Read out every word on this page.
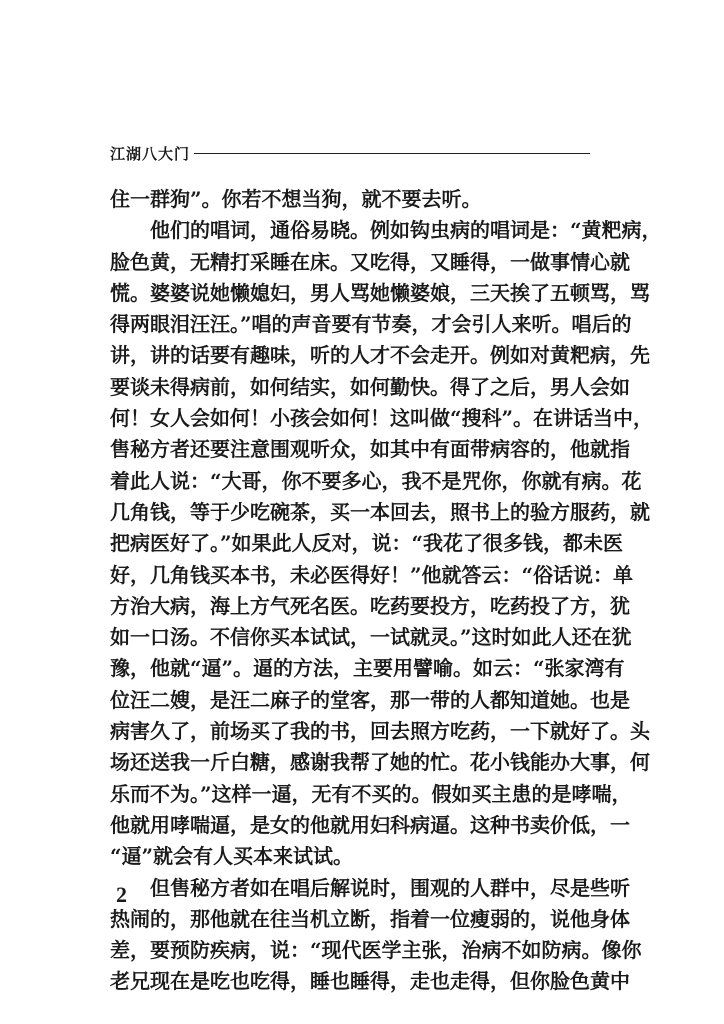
江湖八大门
住一群狗”。你若不想当狗，就不要去听。
他们的唱词，通俗易晓。例如钩虫病的唱词是：“黄粑病，
脸色黄，无精打采睡在床。又吃得，又睡得，一做事情心就
慌。婆婆说她懒媳妇，男人骂她懒婆娘，三天挨了五顿骂，骂
得两眼泪汪汪。”唱的声音要有节奏，才会引人来听。唱后的
讲，讲的话要有趣味，听的人才不会走开。例如对黄粑病，先
要谈未得病前，如何结实，如何勤快。得了之后，男人会如
何！女人会如何！小孩会如何！这叫做“搜科”。在讲话当中，
售秘方者还要注意围观听众，如其中有面带病容的，他就指
着此人说：“大哥，你不要多心，我不是咒你，你就有病。花
几角钱，等于少吃碗茶，买一本回去，照书上的验方服药，就
把病医好了。”如果此人反对，说：“我花了很多钱，都未医
好，几角钱买本书，未必医得好！”他就答云：“俗话说：单
方治大病，海上方气死名医。吃药要投方，吃药投了方，犹
如一口汤。不信你买本试试，一试就灵。”这时如此人还在犹
豫，他就“逼”。逼的方法，主要用譬喻。如云：“张家湾有
位汪二嫂，是汪二麻子的堂客，那一带的人都知道她。也是
病害久了，前场买了我的书，回去照方吃药，一下就好了。头
场还送我一斤白糖，感谢我帮了她的忙。花小钱能办大事，何
乐而不为。”这样一逼，无有不买的。假如买主患的是哮喘，
他就用哮喘逼，是女的他就用妇科病逼。这种书卖价低，一
“逼”就会有人买本来试试。
但售秘方者如在唱后解说时，围观的人群中，尽是些听
热闹的，那他就在往当机立断，指着一位瘦弱的，说他身体
差，要预防疾病，说：“现代医学主张，治病不如防病。像你
老兄现在是吃也吃得，睡也睡得，走也走得，但你脸色黄中
2
